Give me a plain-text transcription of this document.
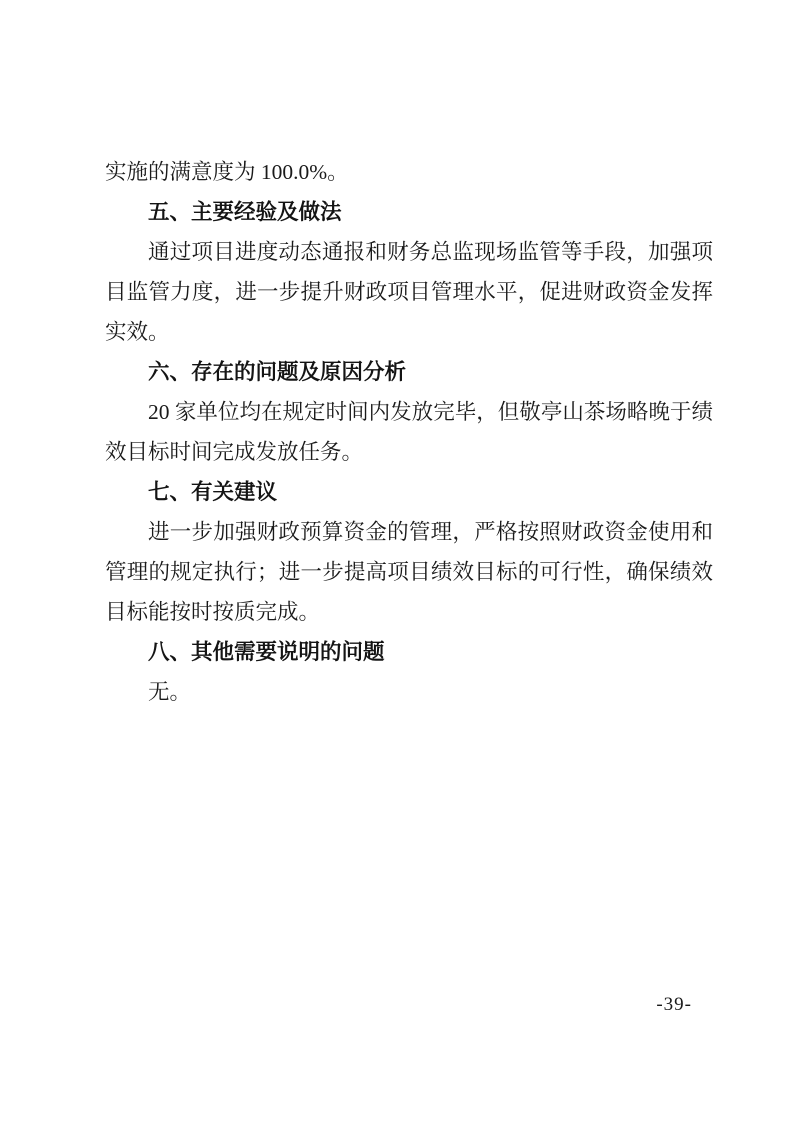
实施的满意度为 100.0%。

五、主要经验及做法

通过项目进度动态通报和财务总监现场监管等手段，加强项目监管力度，进一步提升财政项目管理水平，促进财政资金发挥实效。

六、存在的问题及原因分析

20 家单位均在规定时间内发放完毕，但敬亭山茶场略晚于绩效目标时间完成发放任务。

七、有关建议

进一步加强财政预算资金的管理，严格按照财政资金使用和管理的规定执行；进一步提高项目绩效目标的可行性，确保绩效目标能按时按质完成。

八、其他需要说明的问题

无。

-39-
